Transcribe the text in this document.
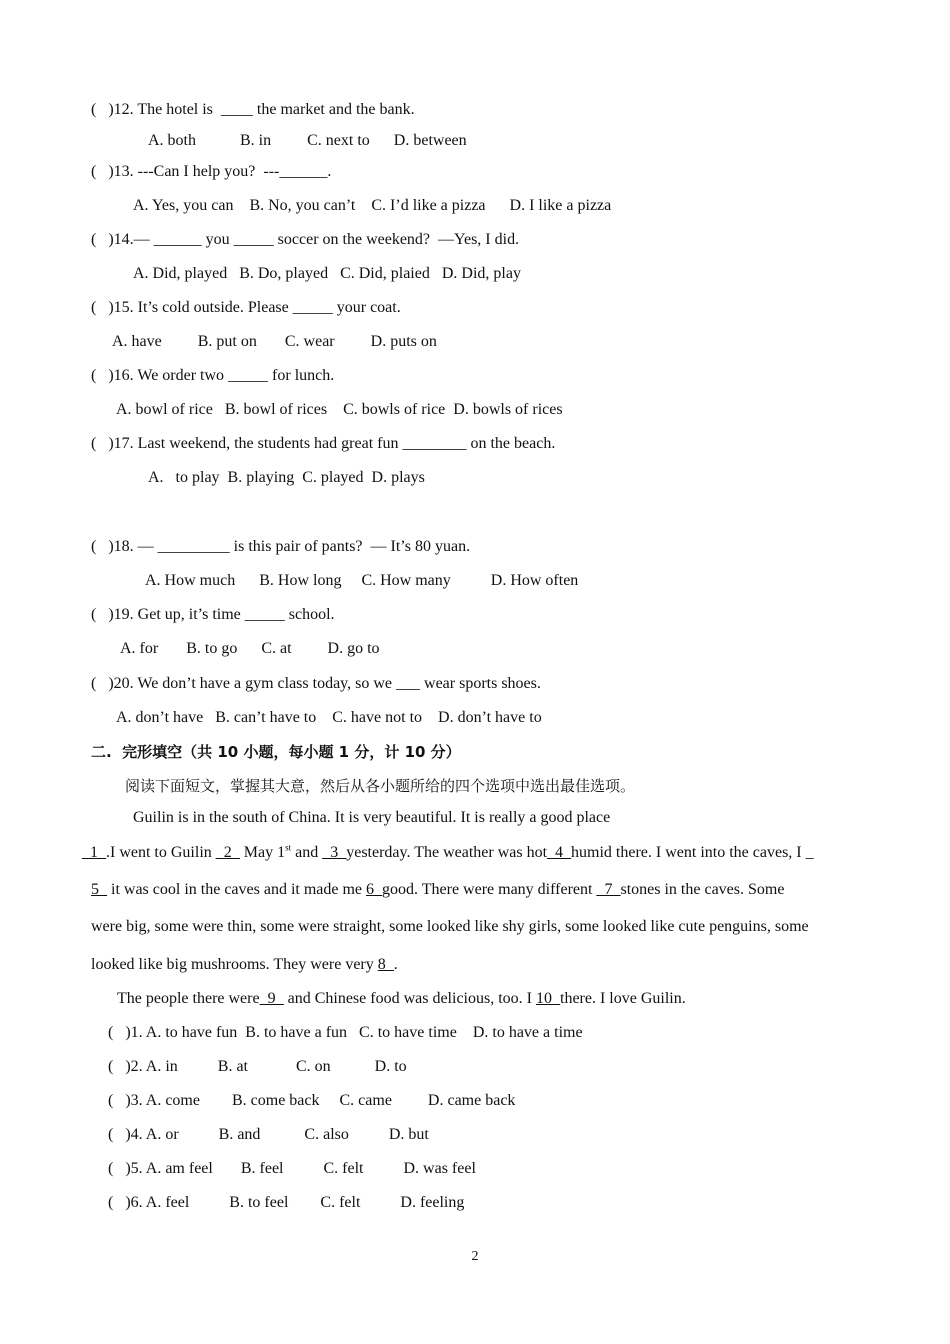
(   )12. The hotel is  ____ the market and the bank.
A. both           B. in         C. next to      D. between
(   )13. ---Can I help you?  ---______.
A. Yes, you can    B. No, you can’t    C. I’d like a pizza      D. I like a pizza
(   )14.— ______ you _____ soccer on the weekend?  —Yes, I did.
A. Did, played   B. Do, played   C. Did, plaied   D. Did, play
(   )15. It’s cold outside. Please _____ your coat.
A. have         B. put on       C. wear         D. puts on
(   )16. We order two _____ for lunch.
A. bowl of rice   B. bowl of rices    C. bowls of rice  D. bowls of rices
(   )17. Last weekend, the students had great fun ________ on the beach.
A.   to play  B. playing  C. played  D. plays
(   )18. — _________ is this pair of pants?  — It’s 80 yuan.
A. How much      B. How long     C. How many          D. How often
(   )19. Get up, it’s time _____ school.
A. for       B. to go      C. at         D. go to
(   )20. We don’t have a gym class today, so we ___ wear sports shoes.
A. don’t have   B. can’t have to    C. have not to    D. don’t have to
二.  完形填空（共 10 小题，每小题 1 分，计 10 分）
阅读下面短文，掌握其大意，然后从各小题所给的四个选项中选出最佳选项。
Guilin is in the south of China. It is very beautiful. It is really a good place
_1_.I went to Guilin _2_ May 1st and _3_yesterday. The weather was hot_4_humid there. I went into the caves, I _
5_ it was cool in the caves and it made me 6_good. There were many different _7_stones in the caves. Some
were big, some were thin, some were straight, some looked like shy girls, some looked like cute penguins, some
looked like big mushrooms. They were very 8_.
The people there were_9_ and Chinese food was delicious, too. I 10_there. I love Guilin.
(   )1. A. to have fun  B. to have a fun   C. to have time    D. to have a time
(   )2. A. in          B. at            C. on           D. to
(   )3. A. come        B. come back     C. came         D. came back
(   )4. A. or          B. and           C. also          D. but
(   )5. A. am feel       B. feel          C. felt          D. was feel
(   )6. A. feel          B. to feel        C. felt          D. feeling
2
